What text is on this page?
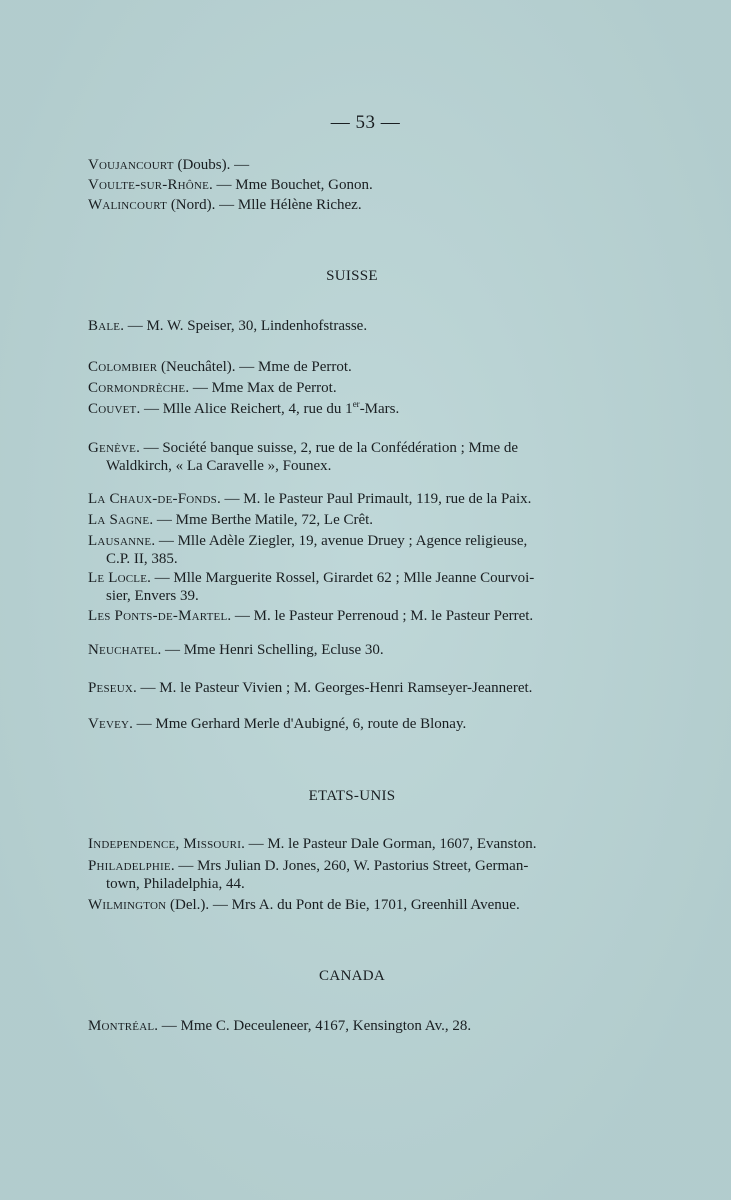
— 53 —
Voujancourt (Doubs). —
Voulte-sur-Rhône. — Mme Bouchet, Gonon.
Walincourt (Nord). — Mlle Hélène Richez.
SUISSE
Bale. — M. W. Speiser, 30, Lindenhofstrasse.
Colombier (Neuchâtel). — Mme de Perrot.
Cormondrèche. — Mme Max de Perrot.
Couvet. — Mlle Alice Reichert, 4, rue du 1er-Mars.
Genève. — Société banque suisse, 2, rue de la Confédération ; Mme de
Waldkirch, « La Caravelle », Founex.
La Chaux-de-Fonds. — M. le Pasteur Paul Primault, 119, rue de la Paix.
La Sagne. — Mme Berthe Matile, 72, Le Crêt.
Lausanne. — Mlle Adèle Ziegler, 19, avenue Druey ; Agence religieuse,
C.P. II, 385.
Le Locle. — Mlle Marguerite Rossel, Girardet 62 ; Mlle Jeanne Courvoi-
sier, Envers 39.
Les Ponts-de-Martel. — M. le Pasteur Perrenoud ; M. le Pasteur Perret.
Neuchatel. — Mme Henri Schelling, Ecluse 30.
Peseux. — M. le Pasteur Vivien ; M. Georges-Henri Ramseyer-Jeanneret.
Vevey. — Mme Gerhard Merle d'Aubigné, 6, route de Blonay.
ETATS-UNIS
Independence, Missouri. — M. le Pasteur Dale Gorman, 1607, Evanston.
Philadelphie. — Mrs Julian D. Jones, 260, W. Pastorius Street, German-
town, Philadelphia, 44.
Wilmington (Del.). — Mrs A. du Pont de Bie, 1701, Greenhill Avenue.
CANADA
Montréal. — Mme C. Deceuleneer, 4167, Kensington Av., 28.
